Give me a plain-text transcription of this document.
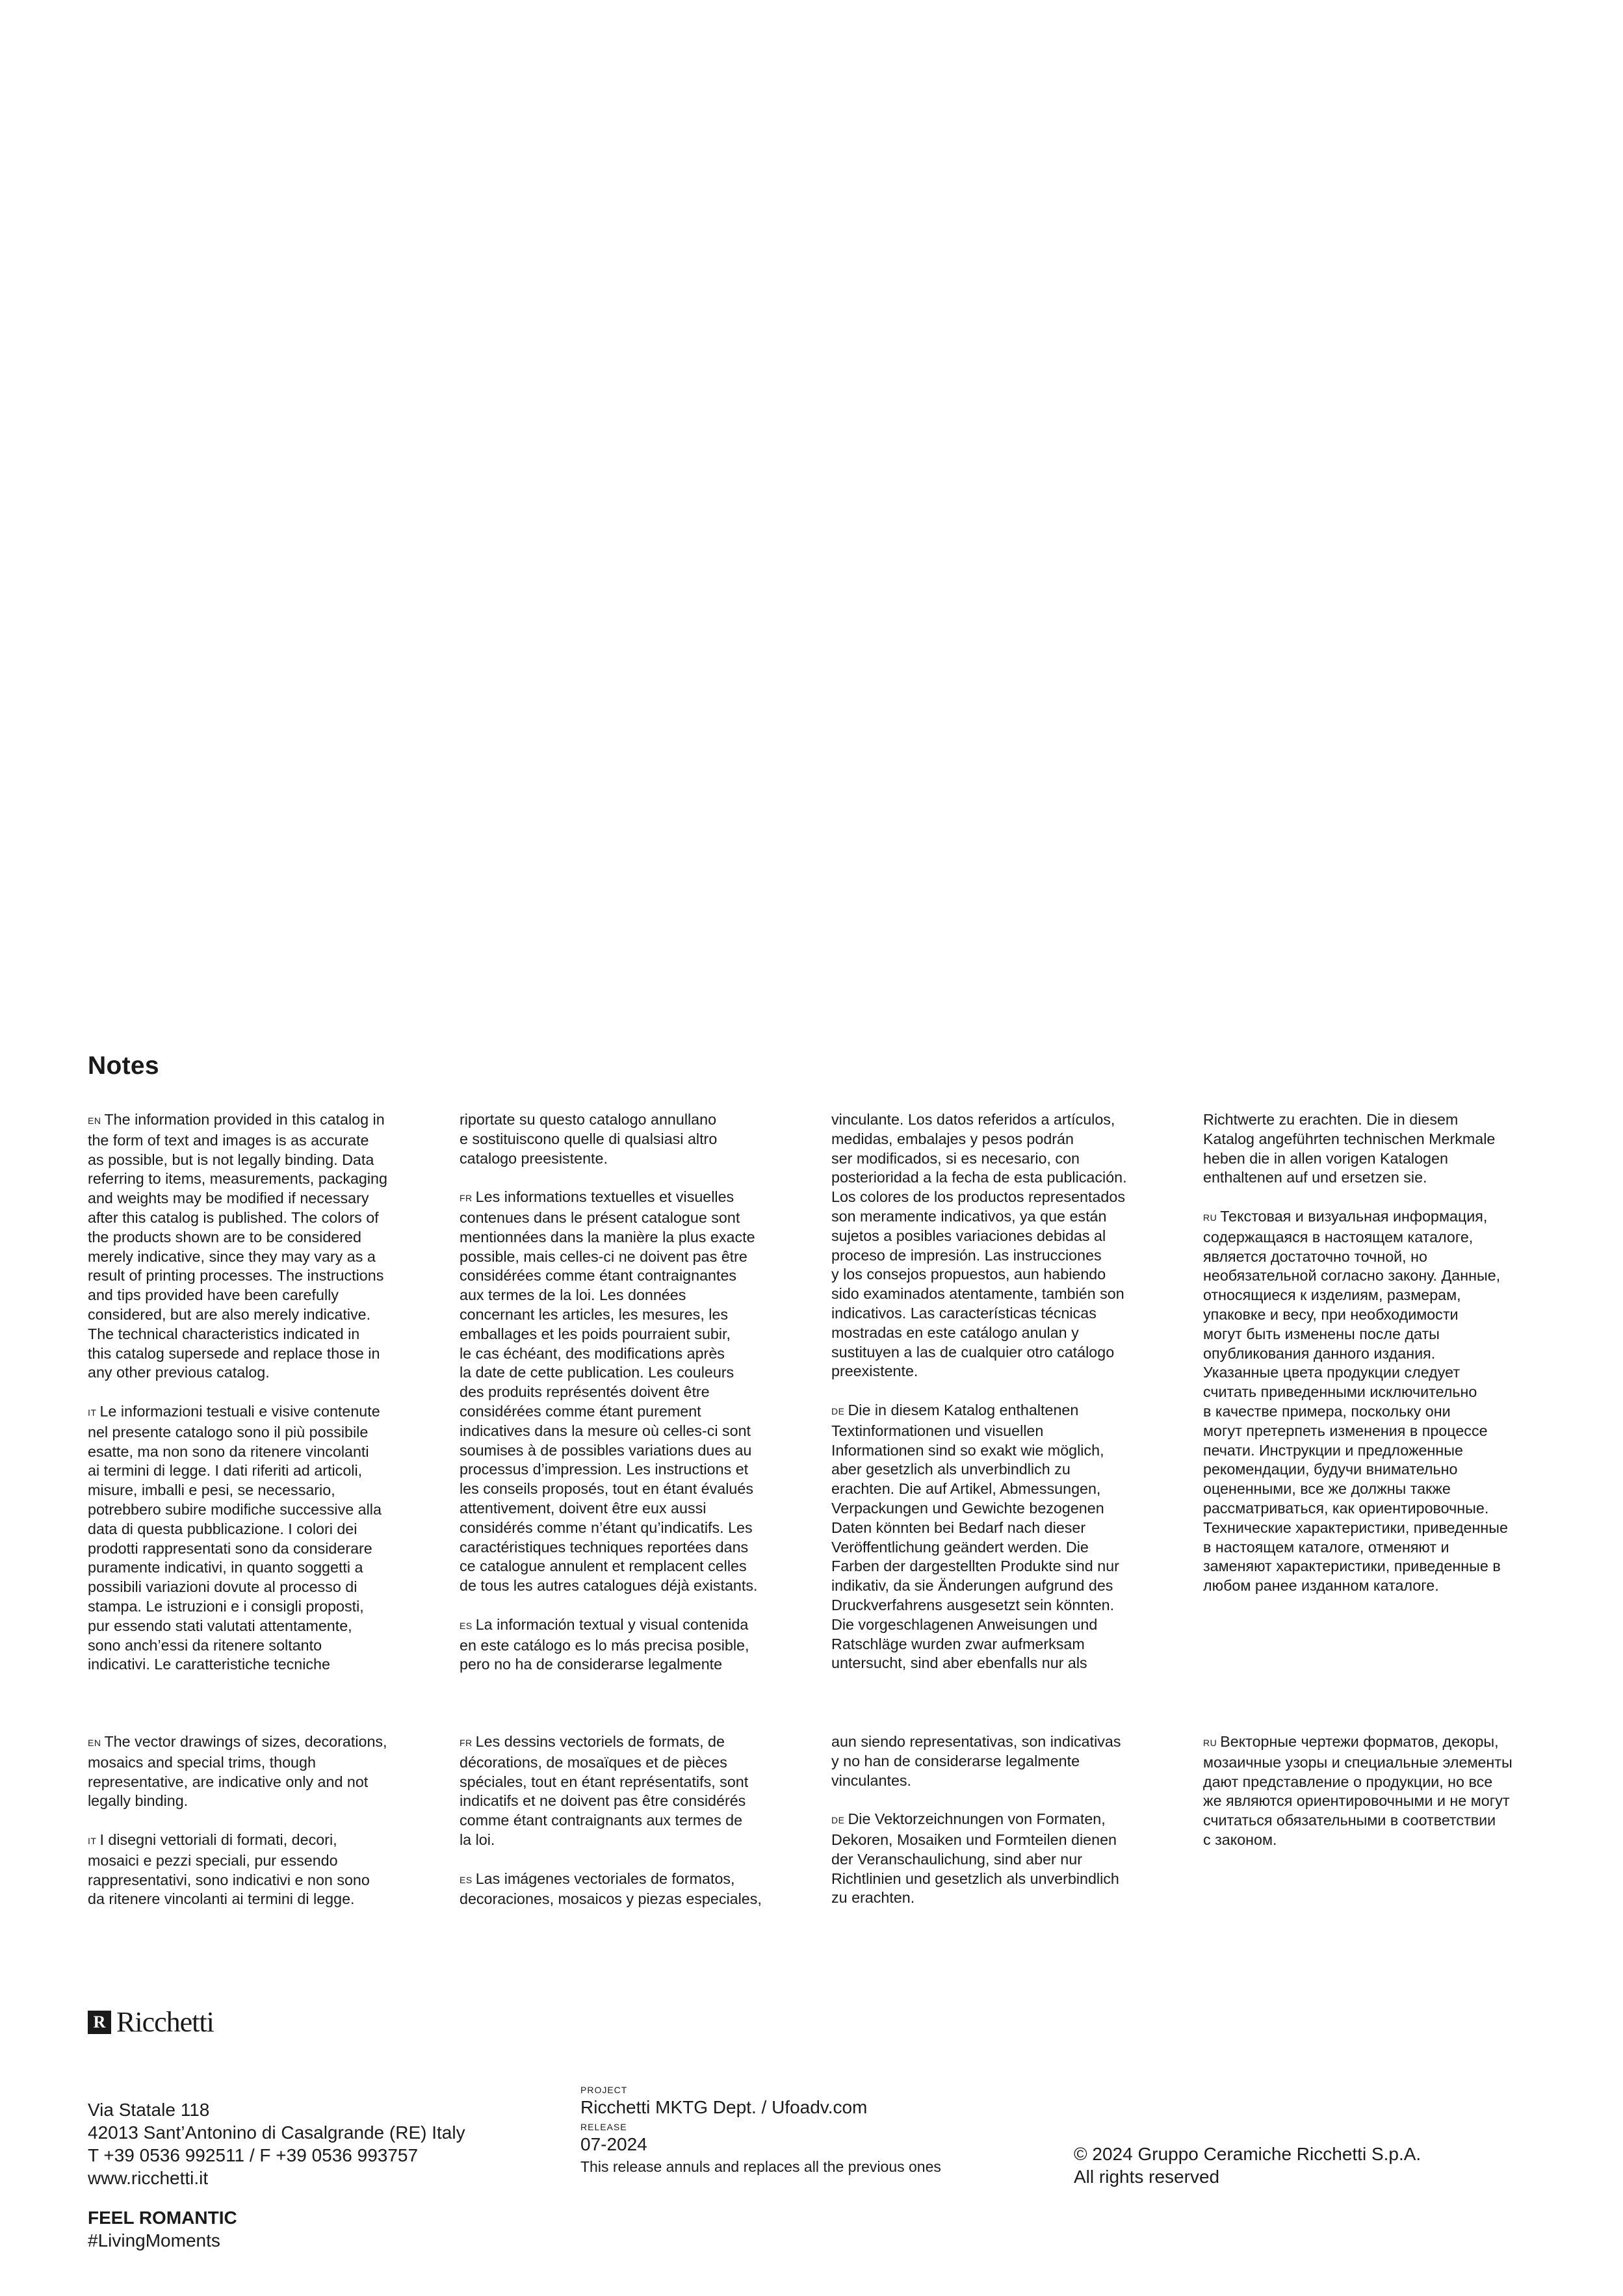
Notes

EN The information provided in this catalog in
the form of text and images is as accurate
as possible, but is not legally binding. Data
referring to items, measurements, packaging
and weights may be modified if necessary
after this catalog is published. The colors of
the products shown are to be considered
merely indicative, since they may vary as a
result of printing processes. The instructions
and tips provided have been carefully
considered, but are also merely indicative.
The technical characteristics indicated in
this catalog supersede and replace those in
any other previous catalog.

IT Le informazioni testuali e visive contenute
nel presente catalogo sono il più possibile
esatte, ma non sono da ritenere vincolanti
ai termini di legge. I dati riferiti ad articoli,
misure, imballi e pesi, se necessario,
potrebbero subire modifiche successive alla
data di questa pubblicazione. I colori dei
prodotti rappresentati sono da considerare
puramente indicativi, in quanto soggetti a
possibili variazioni dovute al processo di
stampa. Le istruzioni e i consigli proposti,
pur essendo stati valutati attentamente,
sono anch’essi da ritenere soltanto
indicativi. Le caratteristiche tecniche

riportate su questo catalogo annullano
e sostituiscono quelle di qualsiasi altro
catalogo preesistente.

FR Les informations textuelles et visuelles
contenues dans le présent catalogue sont
mentionnées dans la manière la plus exacte
possible, mais celles-ci ne doivent pas être
considérées comme étant contraignantes
aux termes de la loi. Les données
concernant les articles, les mesures, les
emballages et les poids pourraient subir,
le cas échéant, des modifications après
la date de cette publication. Les couleurs
des produits représentés doivent être
considérées comme étant purement
indicatives dans la mesure où celles-ci sont
soumises à de possibles variations dues au
processus d’impression. Les instructions et
les conseils proposés, tout en étant évalués
attentivement, doivent être eux aussi
considérés comme n’étant qu’indicatifs. Les
caractéristiques techniques reportées dans
ce catalogue annulent et remplacent celles
de tous les autres catalogues déjà existants.

ES La información textual y visual contenida
en este catálogo es lo más precisa posible,
pero no ha de considerarse legalmente

vinculante. Los datos referidos a artículos,
medidas, embalajes y pesos podrán
ser modificados, si es necesario, con
posterioridad a la fecha de esta publicación.
Los colores de los productos representados
son meramente indicativos, ya que están
sujetos a posibles variaciones debidas al
proceso de impresión. Las instrucciones
y los consejos propuestos, aun habiendo
sido examinados atentamente, también son
indicativos. Las características técnicas
mostradas en este catálogo anulan y
sustituyen a las de cualquier otro catálogo
preexistente.

DE Die in diesem Katalog enthaltenen
Textinformationen und visuellen
Informationen sind so exakt wie möglich,
aber gesetzlich als unverbindlich zu
erachten. Die auf Artikel, Abmessungen,
Verpackungen und Gewichte bezogenen
Daten könnten bei Bedarf nach dieser
Veröffentlichung geändert werden. Die
Farben der dargestellten Produkte sind nur
indikativ, da sie Änderungen aufgrund des
Druckverfahrens ausgesetzt sein könnten.
Die vorgeschlagenen Anweisungen und
Ratschläge wurden zwar aufmerksam
untersucht, sind aber ebenfalls nur als

Richtwerte zu erachten. Die in diesem
Katalog angeführten technischen Merkmale
heben die in allen vorigen Katalogen
enthaltenen auf und ersetzen sie.

RU Текстовая и визуальная информация,
содержащаяся в настоящем каталоге,
является достаточно точной, но
необязательной согласно закону. Данные,
относящиеся к изделиям, размерам,
упаковке и весу, при необходимости
могут быть изменены после даты
опубликования данного издания.
Указанные цвета продукции следует
считать приведенными исключительно
в качестве примера, поскольку они
могут претерпеть изменения в процессе
печати. Инструкции и предложенные
рекомендации, будучи внимательно
оцененными, все же должны также
рассматриваться, как ориентировочные.
Технические характеристики, приведенные
в настоящем каталоге, отменяют и
заменяют характеристики, приведенные в
любом ранее изданном каталоге.

EN The vector drawings of sizes, decorations,
mosaics and special trims, though
representative, are indicative only and not
legally binding.

IT I disegni vettoriali di formati, decori,
mosaici e pezzi speciali, pur essendo
rappresentativi, sono indicativi e non sono
da ritenere vincolanti ai termini di legge.

FR Les dessins vectoriels de formats, de
décorations, de mosaïques et de pièces
spéciales, tout en étant représentatifs, sont
indicatifs et ne doivent pas être considérés
comme étant contraignants aux termes de
la loi.

ES Las imágenes vectoriales de formatos,
decoraciones, mosaicos y piezas especiales,

aun siendo representativas, son indicativas
y no han de considerarse legalmente
vinculantes.

DE Die Vektorzeichnungen von Formaten,
Dekoren, Mosaiken und Formteilen dienen
der Veranschaulichung, sind aber nur
Richtlinien und gesetzlich als unverbindlich
zu erachten.

RU Векторные чертежи форматов, декоры,
мозаичные узоры и специальные элементы
дают представление о продукции, но все
же являются ориентировочными и не могут
считаться обязательными в соответствии
с законом.

R Ricchetti
Via Statale 118
42013 Sant’Antonino di Casalgrande (RE) Italy
T +39 0536 992511 / F +39 0536 993757
www.ricchetti.it
FEEL ROMANTIC
#LivingMoments
PROJECT
Ricchetti MKTG Dept. / Ufoadv.com
RELEASE
07-2024
This release annuls and replaces all the previous ones
© 2024 Gruppo Ceramiche Ricchetti S.p.A.
All rights reserved
